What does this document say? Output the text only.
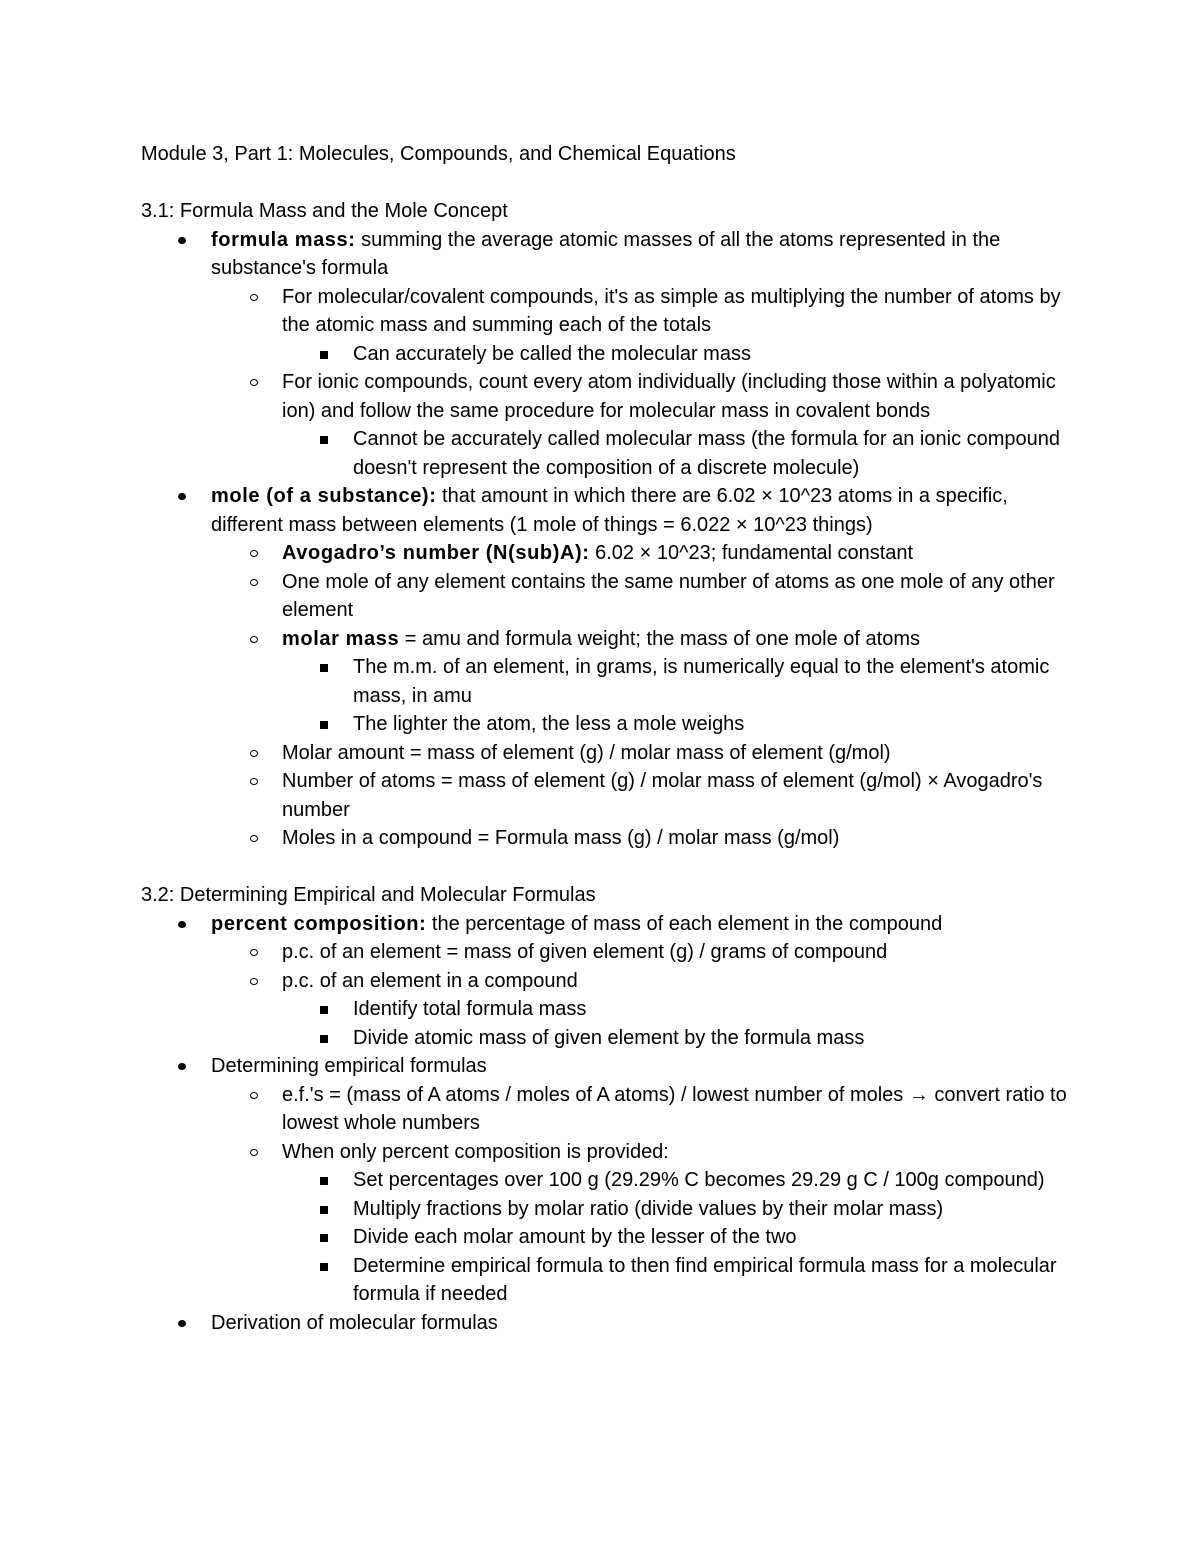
Module 3, Part 1: Molecules, Compounds, and Chemical Equations
3.1: Formula Mass and the Mole Concept
formula mass: summing the average atomic masses of all the atoms represented in the substance's formula
For molecular/covalent compounds, it's as simple as multiplying the number of atoms by the atomic mass and summing each of the totals
Can accurately be called the molecular mass
For ionic compounds, count every atom individually (including those within a polyatomic ion) and follow the same procedure for molecular mass in covalent bonds
Cannot be accurately called molecular mass (the formula for an ionic compound doesn't represent the composition of a discrete molecule)
mole (of a substance): that amount in which there are 6.02 × 10^23 atoms in a specific, different mass between elements (1 mole of things = 6.022 × 10^23 things)
Avogadro’s number (N(sub)A): 6.02 × 10^23; fundamental constant
One mole of any element contains the same number of atoms as one mole of any other element
molar mass = amu and formula weight; the mass of one mole of atoms
The m.m. of an element, in grams, is numerically equal to the element's atomic mass, in amu
The lighter the atom, the less a mole weighs
Molar amount = mass of element (g) / molar mass of element (g/mol)
Number of atoms = mass of element (g) / molar mass of element (g/mol) × Avogadro's number
Moles in a compound = Formula mass (g) / molar mass (g/mol)
3.2: Determining Empirical and Molecular Formulas
percent composition: the percentage of mass of each element in the compound
p.c. of an element = mass of given element (g) / grams of compound
p.c. of an element in a compound
Identify total formula mass
Divide atomic mass of given element by the formula mass
Determining empirical formulas
e.f.'s = (mass of A atoms / moles of A atoms) / lowest number of moles → convert ratio to lowest whole numbers
When only percent composition is provided:
Set percentages over 100 g (29.29% C becomes 29.29 g C / 100g compound)
Multiply fractions by molar ratio (divide values by their molar mass)
Divide each molar amount by the lesser of the two
Determine empirical formula to then find empirical formula mass for a molecular formula if needed
Derivation of molecular formulas
